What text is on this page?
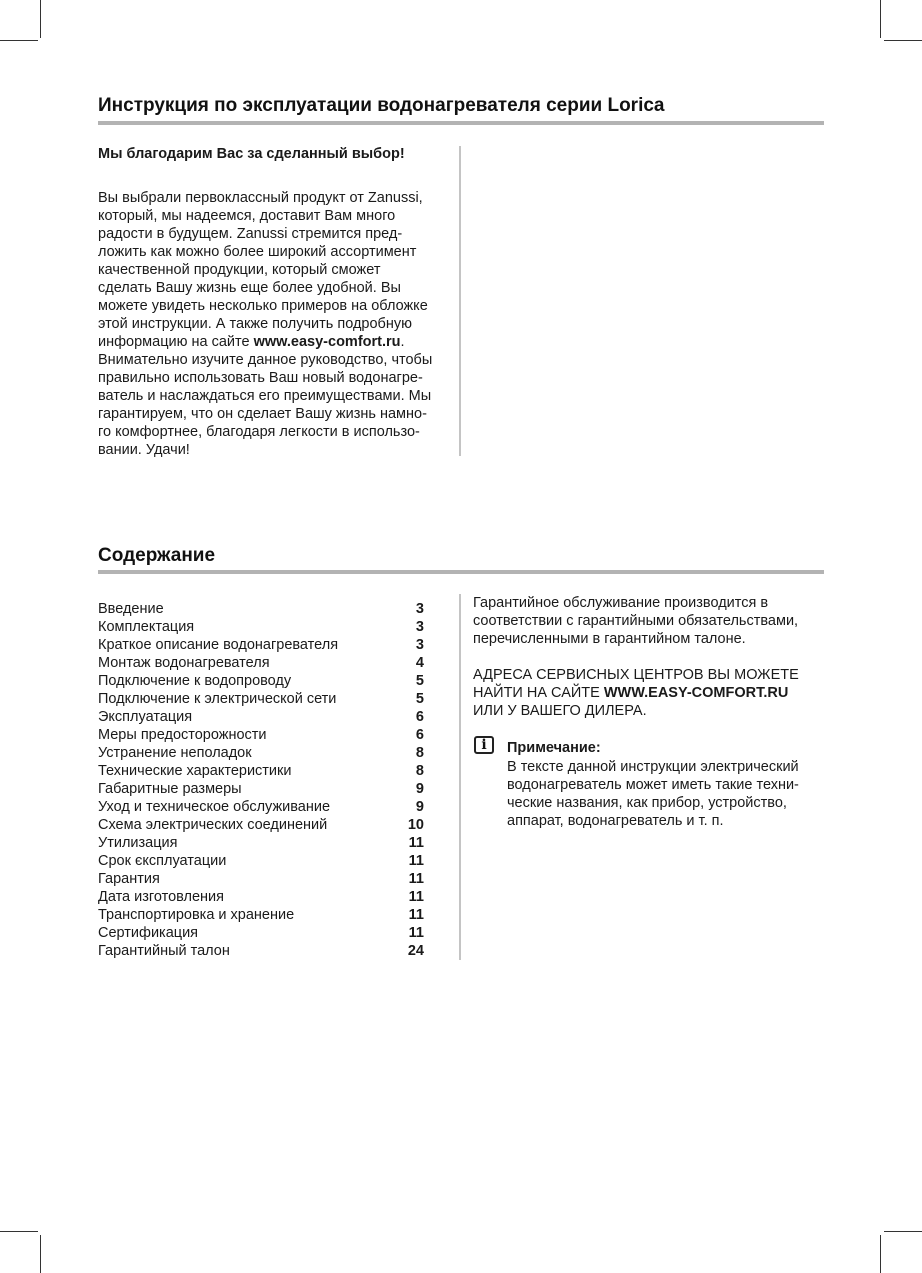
Инструкция по эксплуатации водонагревателя серии Lorica

Мы благодарим Вас за сделанный выбор!

Вы выбрали первоклассный продукт от Zanussi,

который, мы надеемся, доставит Вам много

радости в будущем. Zanussi стремится пред-

ложить как можно более широкий ассортимент

качественной продукции, который сможет

сделать Вашу жизнь еще более удобной. Вы

можете увидеть несколько примеров на обложке

этой инструкции. А также получить подробную

информацию на сайте www.easy-comfort.ru.

Внимательно изучите данное руководство, чтобы

правильно использовать Ваш новый водонагре-

ватель и наслаждаться его преимуществами. Мы

гарантируем, что он сделает Вашу жизнь намно-

го комфортнее, благодаря легкости в использо-

вании. Удачи!

Содержание
Введение	3
Комплектация	3
Краткое описание водонагревателя	3
Монтаж водонагревателя	4
Подключение к водопроводу	5
Подключение к электрической сети	5
Эксплуатация	6
Меры предосторожности	6
Устранение неполадок	8
Технические характеристики	8
Габаритные размеры	9
Уход и техническое обслуживание	9
Схема электрических соединений	10
Утилизация	11
Срок єксплуатации	11
Гарантия	11
Дата изготовления	11
Транспортировка и хранение	11
Сертификация	11
Гарантийный талон	24

Гарантийное обслуживание производится в

соответствии с гарантийными обязательствами,

перечисленными в гарантийном талоне.

АДРЕСА СЕРВИСНЫХ ЦЕНТРОВ ВЫ МОЖЕТЕ

НАЙТИ НА САЙТЕ WWW.EASY-COMFORT.RU

ИЛИ У ВАШЕГО ДИЛЕРА.

i	Примечание:
В тексте данной инструкции электрический
водонагреватель может иметь такие техни-
ческие названия, как прибор, устройство,
аппарат, водонагреватель и т. п.
